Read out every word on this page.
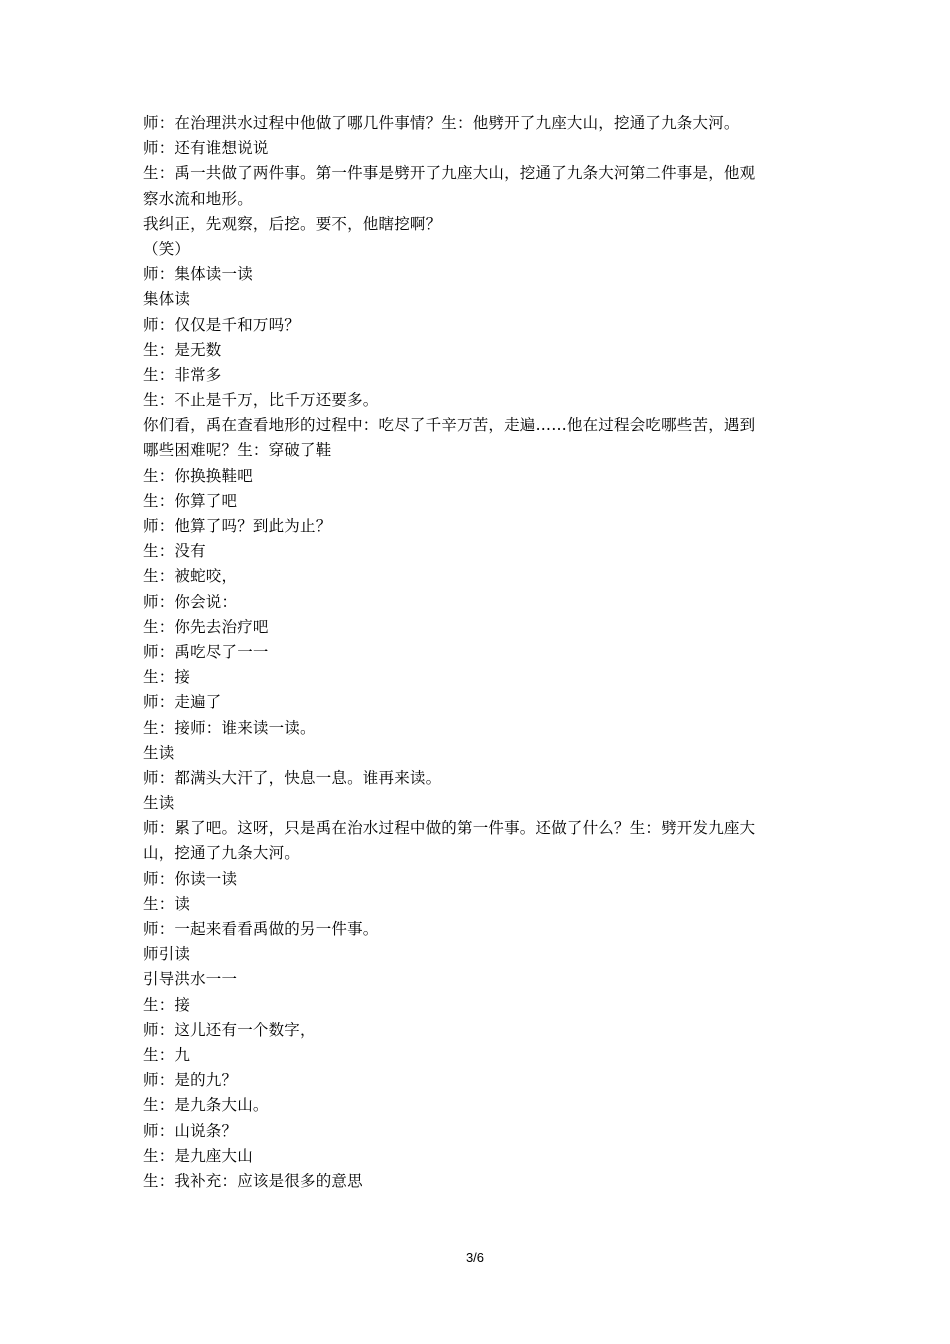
师：在治理洪水过程中他做了哪几件事情？生：他劈开了九座大山，挖通了九条大河。
师：还有谁想说说
生：禹一共做了两件事。第一件事是劈开了九座大山，挖通了九条大河第二件事是，他观
察水流和地形。
我纠正，先观察，后挖。要不，他瞎挖啊？
（笑）
师：集体读一读
集体读
师：仅仅是千和万吗？
生：是无数
生：非常多
生：不止是千万，比千万还要多。
你们看，禹在查看地形的过程中：吃尽了千辛万苦，走遍……他在过程会吃哪些苦，遇到
哪些困难呢？生：穿破了鞋
生：你换换鞋吧
生：你算了吧
师：他算了吗？到此为止？
生：没有
生：被蛇咬，
师：你会说：
生：你先去治疗吧
师：禹吃尽了一一
生：接
师：走遍了
生：接师：谁来读一读。
生读
师：都满头大汗了，快息一息。谁再来读。
生读
师：累了吧。这呀，只是禹在治水过程中做的第一件事。还做了什么？生：劈开发九座大
山，挖通了九条大河。
师：你读一读
生：读
师：一起来看看禹做的另一件事。
师引读
引导洪水一一
生：接
师：这儿还有一个数字，
生：九
师：是的九？
生：是九条大山。
师：山说条？
生：是九座大山
生：我补充：应该是很多的意思
3/6
